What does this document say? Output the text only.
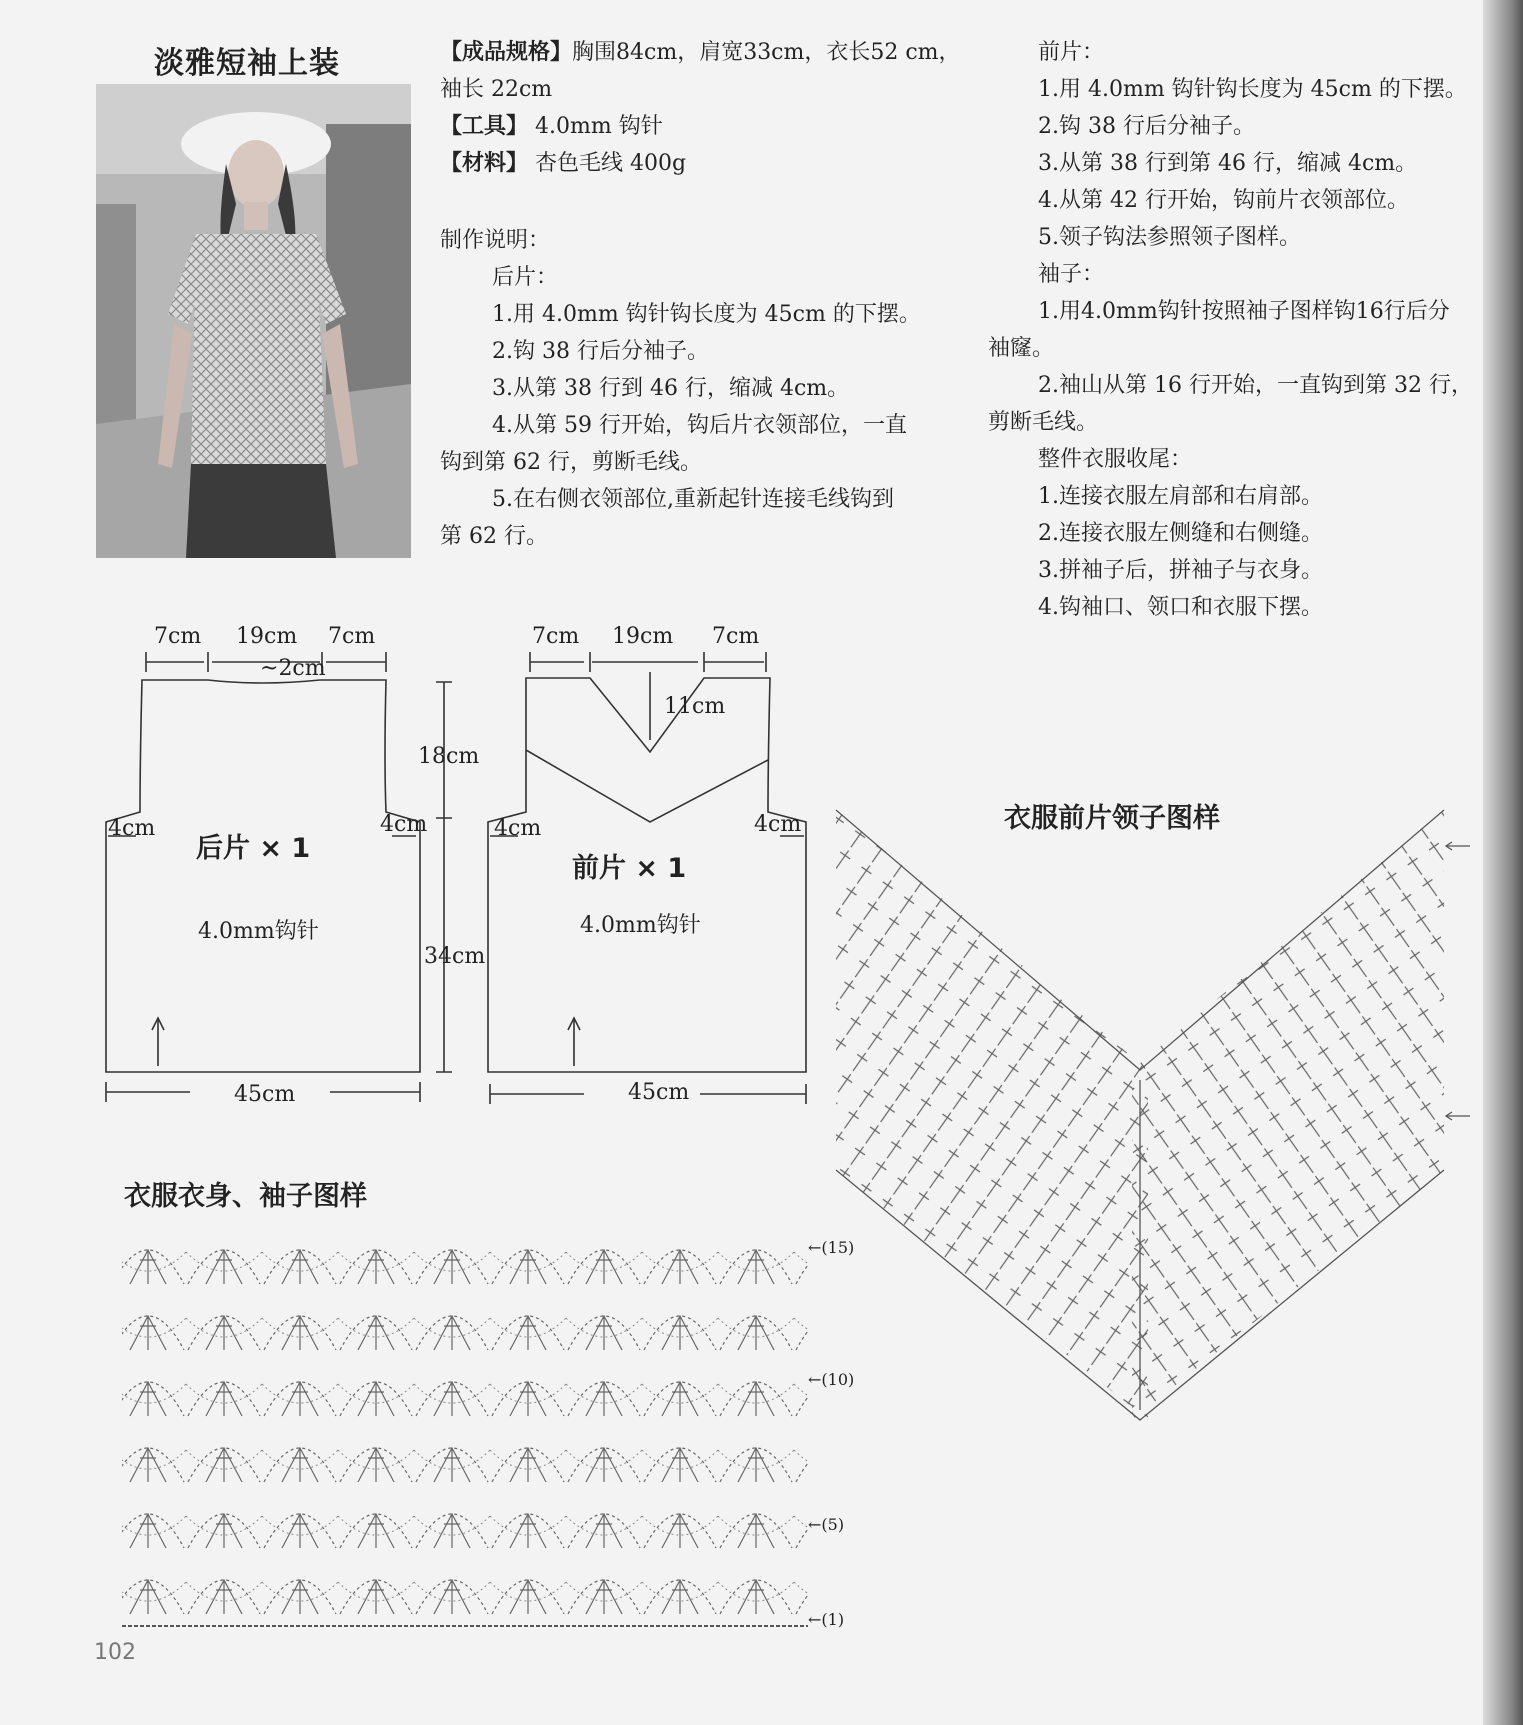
淡雅短袖上装	【成品规格】胸围84cm，肩宽33cm，衣长52 cm，
袖长 22cm
【工具】 4.0mm 钩针
【材料】 杏色毛线 400g
制作说明：
后片：
1.用 4.0mm 钩针钩长度为 45cm 的下摆。
2.钩 38 行后分袖子。
3.从第 38 行到 46 行，缩减 4cm。
4.从第 59 行开始，钩后片衣领部位，一直
钩到第 62 行，剪断毛线。
5.在右侧衣领部位,重新起针连接毛线钩到
第 62 行。
前片：
1.用 4.0mm 钩针钩长度为 45cm 的下摆。
2.钩 38 行后分袖子。
3.从第 38 行到第 46 行，缩减 4cm。
4.从第 42 行开始，钩前片衣领部位。
5.领子钩法参照领子图样。
袖子：
1.用4.0mm钩针按照袖子图样钩16行后分
袖窿。
2.袖山从第 16 行开始，一直钩到第 32 行，
剪断毛线。
整件衣服收尾：
1.连接衣服左肩部和右肩部。
2.连接衣服左侧缝和右侧缝。
3.拼袖子后，拼袖子与衣身。
4.钩袖口、领口和衣服下摆。
7cm 19cm 7cm
~2cm
18cm
34cm
4cm	4cm
45cm
后片 × 1
4.0mm钩针
7cm 19cm 7cm
11cm
4cm	4cm
45cm
前片 × 1
4.0mm钩针
衣服前片领子图样
衣服衣身、袖子图样
←(15)
←(10)
←(5)
←(1)
102
